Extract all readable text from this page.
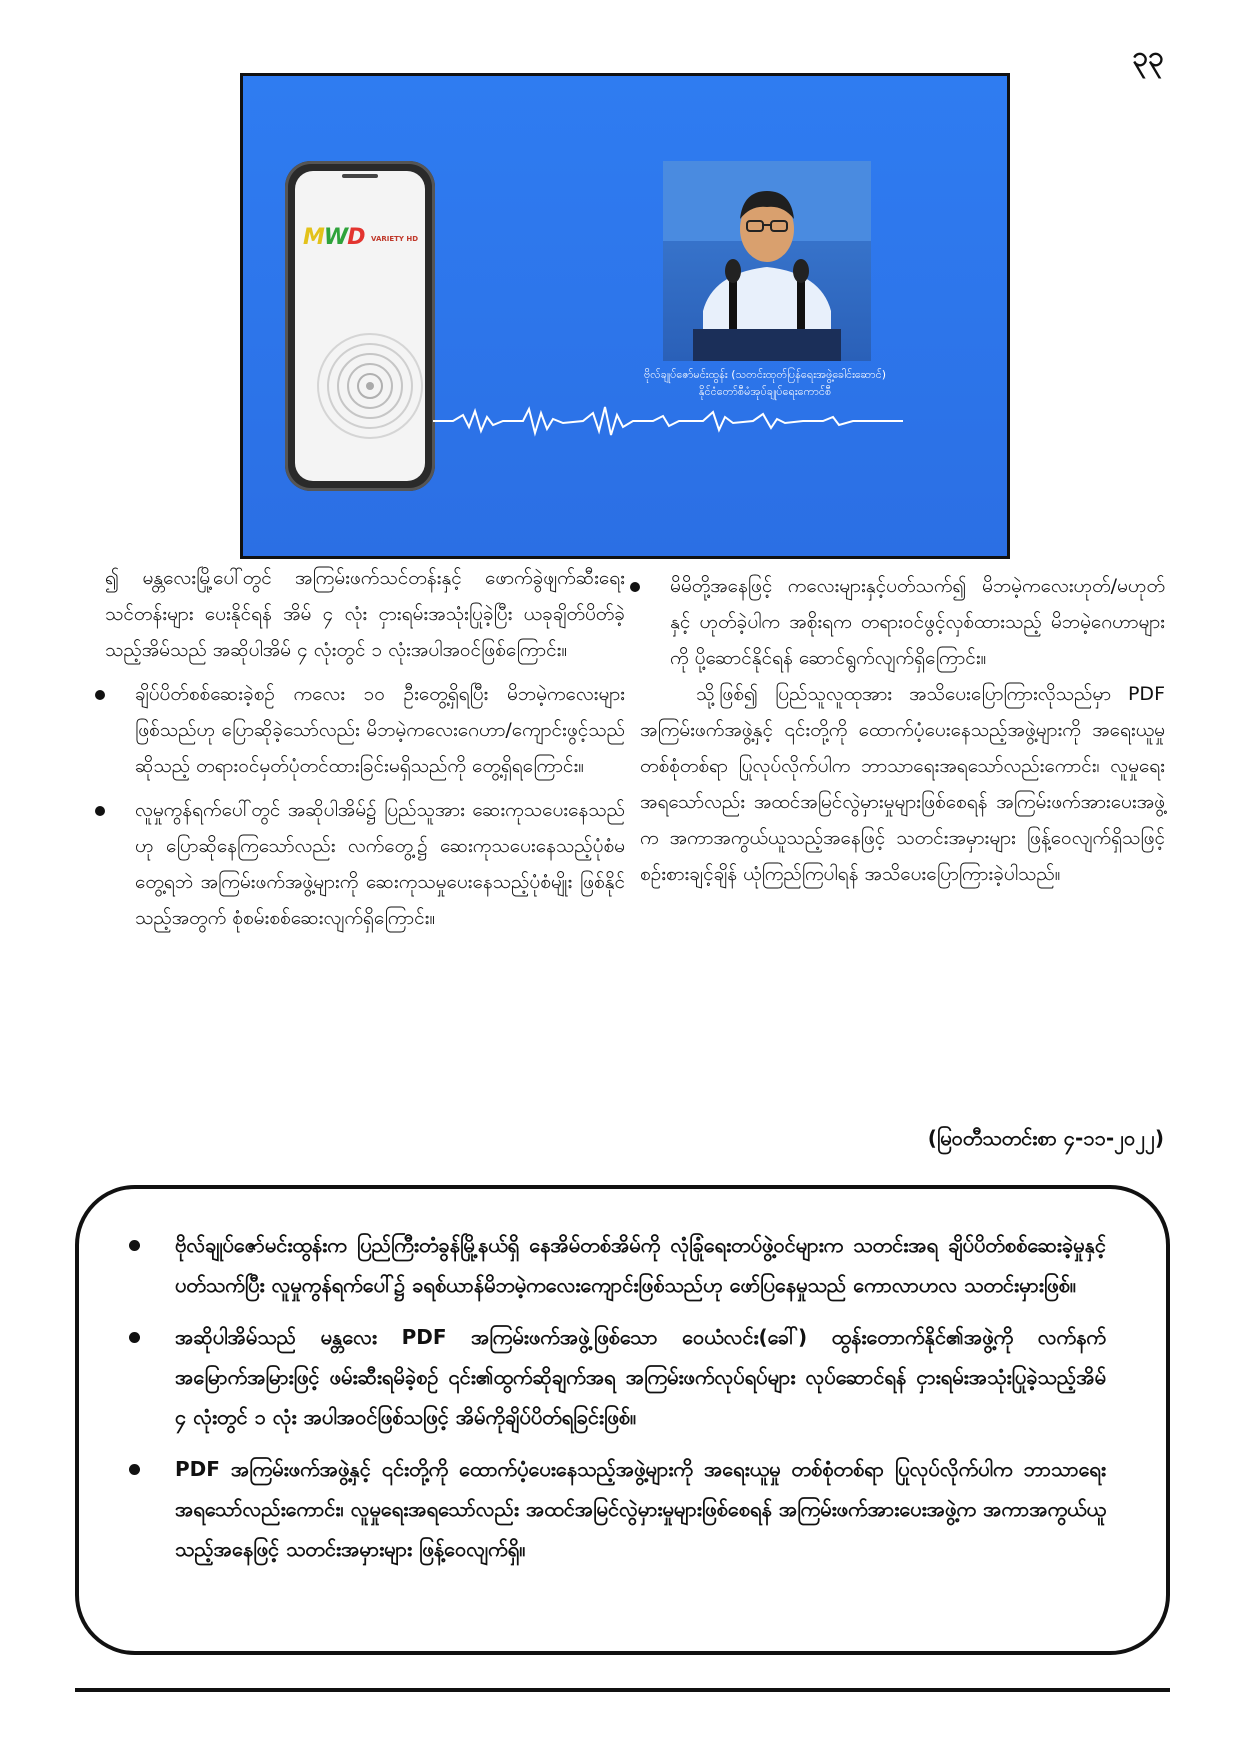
၃၃
MWD VARIETY HD
ဗိုလ်ချုပ်ဇော်မင်းထွန်း (သတင်းထုတ်ပြန်ရေးအဖွဲ့ခေါင်းဆောင်)
နိုင်ငံတော်စီမံအုပ်ချုပ်ရေးကောင်စီ

၍ မန္တလေးမြို့ပေါ်တွင် အကြမ်းဖက်သင်တန်းနှင့် ဖောက်ခွဲဖျက်ဆီးရေးသင်တန်းများ ပေးနိုင်ရန် အိမ် ၄ လုံး ငှားရမ်းအသုံးပြုခဲ့ပြီး ယခုချိတ်ပိတ်ခဲ့သည့်အိမ်သည် အဆိုပါအိမ် ၄ လုံးတွင် ၁ လုံးအပါအဝင်ဖြစ်ကြောင်း။

ချိပ်ပိတ်စစ်ဆေးခဲ့စဉ် ကလေး ၁၀ ဦးတွေ့ရှိရပြီး မိဘမဲ့ကလေးများဖြစ်သည်ဟု ပြောဆိုခဲ့သော်လည်း မိဘမဲ့ကလေးဂေဟာ/ကျောင်းဖွင့်သည်ဆိုသည့် တရားဝင်မှတ်ပုံတင်ထားခြင်းမရှိသည်ကို တွေ့ရှိရကြောင်း။

လူမှုကွန်ရက်ပေါ်တွင် အဆိုပါအိမ်၌ ပြည်သူအား ဆေးကုသပေးနေသည်ဟု ပြောဆိုနေကြသော်လည်း လက်တွေ့၌ ဆေးကုသပေးနေသည့်ပုံစံမတွေ့ရဘဲ အကြမ်းဖက်အဖွဲ့များကို ဆေးကုသမှုပေးနေသည့်ပုံစံမျိုး ဖြစ်နိုင်သည့်အတွက် စုံစမ်းစစ်ဆေးလျက်ရှိကြောင်း။

မိမိတို့အနေဖြင့် ကလေးများနှင့်ပတ်သက်၍ မိဘမဲ့ကလေးဟုတ်/မဟုတ်နှင့် ဟုတ်ခဲ့ပါက အစိုးရက တရားဝင်ဖွင့်လှစ်ထားသည့် မိဘမဲ့ဂေဟာများကို ပို့ဆောင်နိုင်ရန် ဆောင်ရွက်လျက်ရှိကြောင်း။

သို့ဖြစ်၍ ပြည်သူလူထုအား အသိပေးပြောကြားလိုသည်မှာ PDF အကြမ်းဖက်အဖွဲ့နှင့် ၎င်းတို့ကို ထောက်ပံ့ပေးနေသည့်အဖွဲ့များကို အရေးယူမှု တစ်စုံတစ်ရာ ပြုလုပ်လိုက်ပါက ဘာသာရေးအရသော်လည်းကောင်း၊ လူမှုရေးအရသော်လည်း အထင်အမြင်လွဲမှားမှုများဖြစ်စေရန် အကြမ်းဖက်အားပေးအဖွဲ့က အကာအကွယ်ယူသည့်အနေဖြင့် သတင်းအမှားများ ဖြန့်ဝေလျက်ရှိသဖြင့် စဉ်းစားချင့်ချိန် ယုံကြည်ကြပါရန် အသိပေးပြောကြားခဲ့ပါသည်။

(မြဝတီသတင်းစာ ၄-၁၁-၂၀၂၂)

ဗိုလ်ချုပ်ဇော်မင်းထွန်းက ပြည်ကြီးတံခွန်မြို့နယ်ရှိ နေအိမ်တစ်အိမ်ကို လုံခြုံရေးတပ်ဖွဲ့ဝင်များက သတင်းအရ ချိပ်ပိတ်စစ်ဆေးခဲ့မှုနှင့်ပတ်သက်ပြီး လူမှုကွန်ရက်ပေါ်၌ ခရစ်ယာန်မိဘမဲ့ကလေးကျောင်းဖြစ်သည်ဟု ဖော်ပြနေမှုသည် ကောလာဟလ သတင်းမှားဖြစ်။

အဆိုပါအိမ်သည် မန္တလေး PDF အကြမ်းဖက်အဖွဲ့ဖြစ်သော ဝေယံလင်း(ခေါ်) ထွန်းတောက်နိုင်၏အဖွဲ့ကို လက်နက်အမြောက်အမြားဖြင့် ဖမ်းဆီးရမိခဲ့စဉ် ၎င်း၏ထွက်ဆိုချက်အရ အကြမ်းဖက်လုပ်ရပ်များ လုပ်ဆောင်ရန် ငှားရမ်းအသုံးပြုခဲ့သည့်အိမ် ၄ လုံးတွင် ၁ လုံး အပါအဝင်ဖြစ်သဖြင့် အိမ်ကိုချိပ်ပိတ်ရခြင်းဖြစ်။

PDF အကြမ်းဖက်အဖွဲ့နှင့် ၎င်းတို့ကို ထောက်ပံ့ပေးနေသည့်အဖွဲ့များကို အရေးယူမှု တစ်စုံတစ်ရာ ပြုလုပ်လိုက်ပါက ဘာသာရေးအရသော်လည်းကောင်း၊ လူမှုရေးအရသော်လည်း အထင်အမြင်လွဲမှားမှုများဖြစ်စေရန် အကြမ်းဖက်အားပေးအဖွဲ့က အကာအကွယ်ယူသည့်အနေဖြင့် သတင်းအမှားများ ဖြန့်ဝေလျက်ရှိ။
